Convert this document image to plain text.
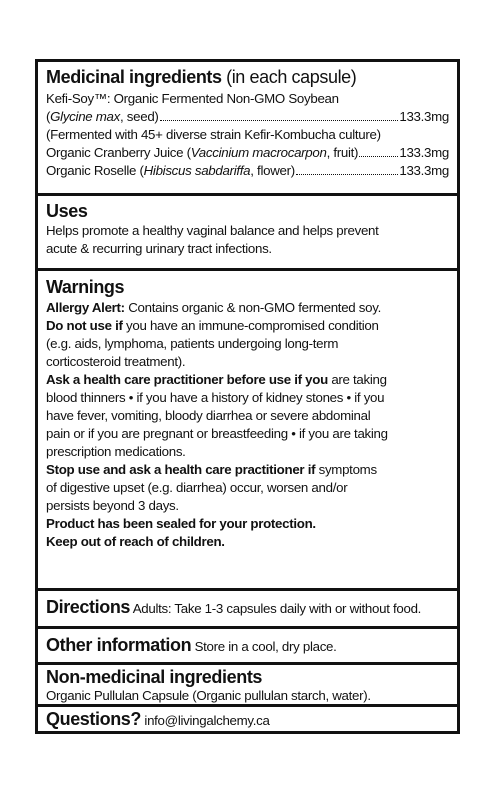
Medicinal ingredients (in each capsule)
Kefi-Soy™: Organic Fermented Non-GMO Soybean
( Glycine max , seed)	133.3mg
(Fermented with 45+ diverse strain Kefir-Kombucha culture)
Organic Cranberry Juice ( Vaccinium macrocarpon , fruit)	133.3mg
Organic Roselle ( Hibiscus sabdariffa , flower)	133.3mg
Uses
Helps promote a healthy vaginal balance and helps prevent
acute & recurring urinary tract infections.
Warnings
Allergy Alert: Contains organic & non-GMO fermented soy.
Do not use if you have an immune-compromised condition
(e.g. aids, lymphoma, patients undergoing long-term
corticosteroid treatment).
Ask a health care practitioner before use if you are taking
blood thinners • if you have a history of kidney stones • if you
have fever, vomiting, bloody diarrhea or severe abdominal
pain or if you are pregnant or breastfeeding • if you are taking
prescription medications.
Stop use and ask a health care practitioner if symptoms
of digestive upset (e.g. diarrhea) occur, worsen and/or
persists beyond 3 days.
Product has been sealed for your protection.
Keep out of reach of children.
Directions Adults: Take 1-3 capsules daily with or without food.
Other information Store in a cool, dry place.
Non-medicinal ingredients
Organic Pullulan Capsule (Organic pullulan starch, water).
Questions? info@livingalchemy.ca
